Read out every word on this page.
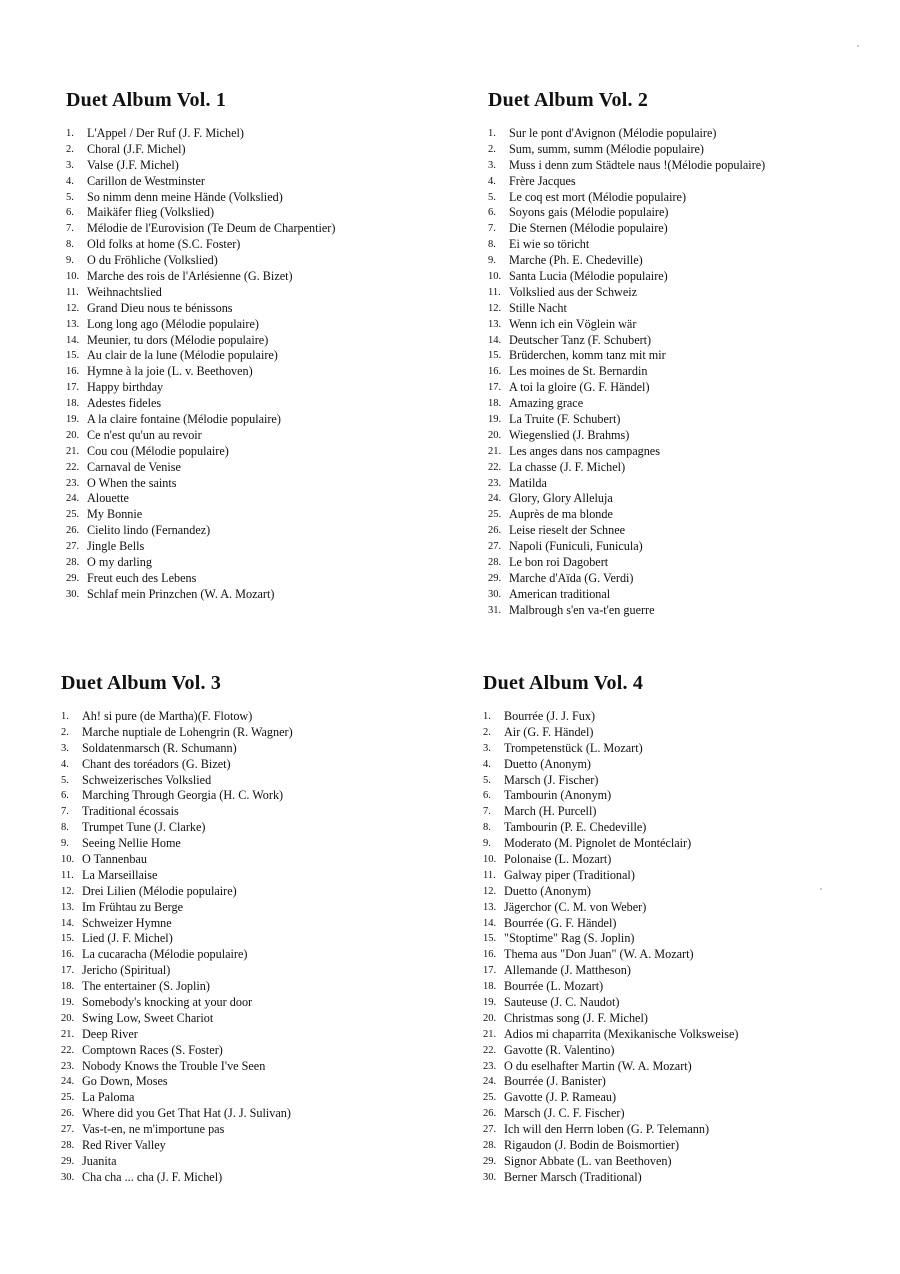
Duet Album Vol. 1
1. L'Appel / Der Ruf (J. F. Michel)
2. Choral (J.F. Michel)
3. Valse (J.F. Michel)
4. Carillon de Westminster
5. So nimm denn meine Hände (Volkslied)
6. Maikäfer flieg (Volkslied)
7. Mélodie de l'Eurovision (Te Deum de Charpentier)
8. Old folks at home (S.C. Foster)
9. O du Fröhliche (Volkslied)
10. Marche des rois de l'Arlésienne (G. Bizet)
11. Weihnachtslied
12. Grand Dieu nous te bénissons
13. Long long ago (Mélodie populaire)
14. Meunier, tu dors (Mélodie populaire)
15. Au clair de la lune (Mélodie populaire)
16. Hymne à la joie (L. v. Beethoven)
17. Happy birthday
18. Adestes fideles
19. A la claire fontaine (Mélodie populaire)
20. Ce n'est qu'un au revoir
21. Cou cou (Mélodie populaire)
22. Carnaval de Venise
23. O When the saints
24. Alouette
25. My Bonnie
26. Cielito lindo (Fernandez)
27. Jingle Bells
28. O my darling
29. Freut euch des Lebens
30. Schlaf mein Prinzchen (W. A. Mozart)
Duet Album Vol. 2
1. Sur le pont d'Avignon (Mélodie populaire)
2. Sum, summ, summ (Mélodie populaire)
3. Muss i denn zum Städtele naus !(Mélodie populaire)
4. Frère Jacques
5. Le coq est mort (Mélodie populaire)
6. Soyons gais (Mélodie populaire)
7. Die Sternen (Mélodie populaire)
8. Ei wie so töricht
9. Marche (Ph. E. Chedeville)
10. Santa Lucia (Mélodie populaire)
11. Volkslied aus der Schweiz
12. Stille Nacht
13. Wenn ich ein Vöglein wär
14. Deutscher Tanz (F. Schubert)
15. Brüderchen, komm tanz mit mir
16. Les moines de St. Bernardin
17. A toi la gloire (G. F. Händel)
18. Amazing grace
19. La Truite (F. Schubert)
20. Wiegenslied (J. Brahms)
21. Les anges dans nos campagnes
22. La chasse (J. F. Michel)
23. Matilda
24. Glory, Glory Alleluja
25. Auprès de ma blonde
26. Leise rieselt der Schnee
27. Napoli (Funiculi, Funicula)
28. Le bon roi Dagobert
29. Marche d'Aïda (G. Verdi)
30. American traditional
31. Malbrough s'en va-t'en guerre
Duet Album Vol. 3
1. Ah! si pure (de Martha)(F. Flotow)
2. Marche nuptiale de Lohengrin (R. Wagner)
3. Soldatenmarsch (R. Schumann)
4. Chant des toréadors (G. Bizet)
5. Schweizerisches Volkslied
6. Marching Through Georgia (H. C. Work)
7. Traditional écossais
8. Trumpet Tune (J. Clarke)
9. Seeing Nellie Home
10. O Tannenbau
11. La Marseillaise
12. Drei Lilien (Mélodie populaire)
13. Im Frühtau zu Berge
14. Schweizer Hymne
15. Lied (J. F. Michel)
16. La cucaracha (Mélodie populaire)
17. Jericho (Spiritual)
18. The entertainer (S. Joplin)
19. Somebody's knocking at your door
20. Swing Low, Sweet Chariot
21. Deep River
22. Comptown Races (S. Foster)
23. Nobody Knows the Trouble I've Seen
24. Go Down, Moses
25. La Paloma
26. Where did you Get That Hat (J. J. Sulivan)
27. Vas-t-en, ne m'importune pas
28. Red River Valley
29. Juanita
30. Cha cha ... cha (J. F. Michel)
Duet Album Vol. 4
1. Bourrée (J. J. Fux)
2. Air (G. F. Händel)
3. Trompetenstück (L. Mozart)
4. Duetto (Anonym)
5. Marsch (J. Fischer)
6. Tambourin (Anonym)
7. March (H. Purcell)
8. Tambourin (P. E. Chedeville)
9. Moderato (M. Pignolet de Montéclair)
10. Polonaise (L. Mozart)
11. Galway piper (Traditional)
12. Duetto (Anonym)
13. Jägerchor (C. M. von Weber)
14. Bourrée (G. F. Händel)
15. "Stoptime" Rag (S. Joplin)
16. Thema aus "Don Juan" (W. A. Mozart)
17. Allemande (J. Mattheson)
18. Bourrée (L. Mozart)
19. Sauteuse (J. C. Naudot)
20. Christmas song (J. F. Michel)
21. Adios mi chaparrita (Mexikanische Volksweise)
22. Gavotte (R. Valentino)
23. O du eselhafter Martin (W. A. Mozart)
24. Bourrée (J. Banister)
25. Gavotte (J. P. Rameau)
26. Marsch (J. C. F. Fischer)
27. Ich will den Herrn loben (G. P. Telemann)
28. Rigaudon (J. Bodin de Boismortier)
29. Signor Abbate (L. van Beethoven)
30. Berner Marsch (Traditional)
